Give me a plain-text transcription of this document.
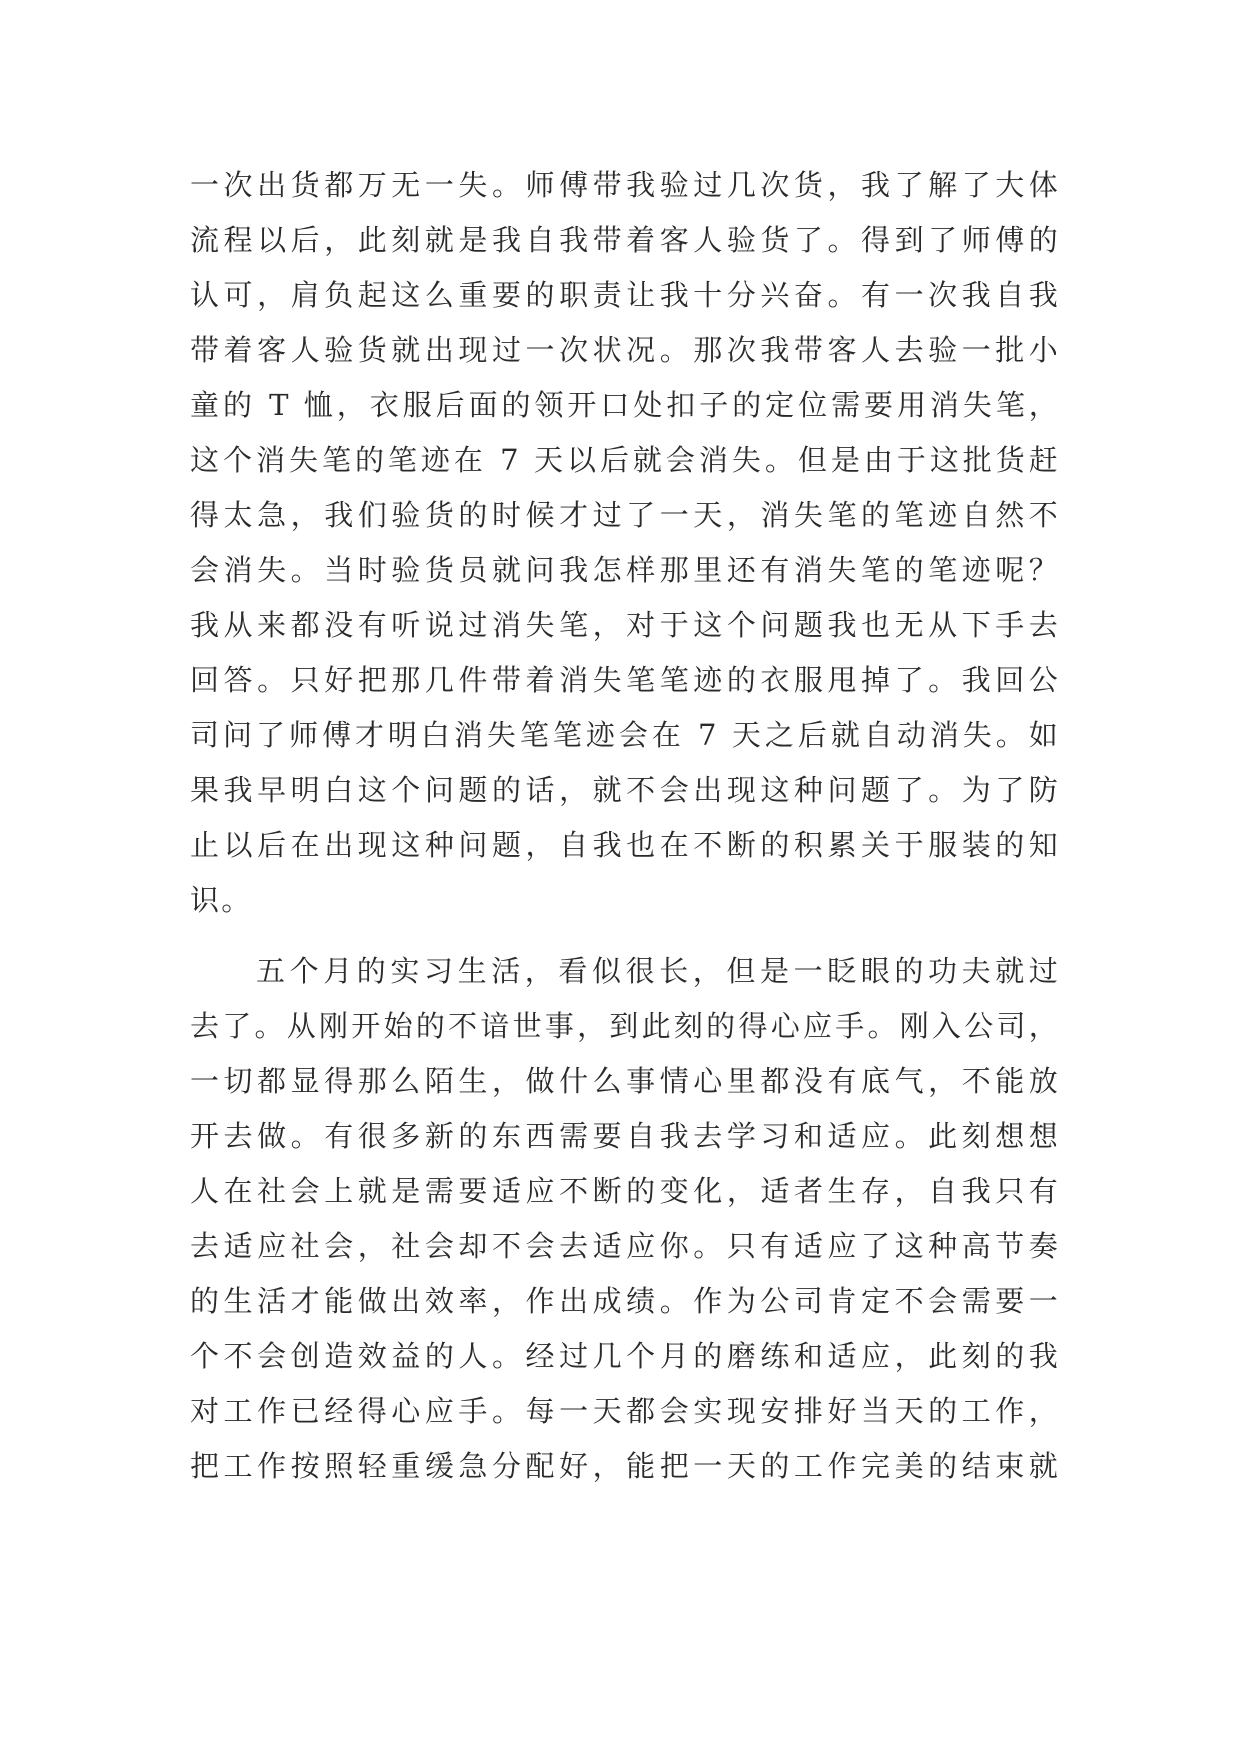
一次出货都万无一失。师傅带我验过几次货，我了解了大体
流程以后，此刻就是我自我带着客人验货了。得到了师傅的
认可，肩负起这么重要的职责让我十分兴奋。有一次我自我
带着客人验货就出现过一次状况。那次我带客人去验一批小
童的 T 恤，衣服后面的领开口处扣子的定位需要用消失笔，
这个消失笔的笔迹在 7 天以后就会消失。但是由于这批货赶
得太急，我们验货的时候才过了一天，消失笔的笔迹自然不
会消失。当时验货员就问我怎样那里还有消失笔的笔迹呢？
我从来都没有听说过消失笔，对于这个问题我也无从下手去
回答。只好把那几件带着消失笔笔迹的衣服甩掉了。我回公
司问了师傅才明白消失笔笔迹会在 7 天之后就自动消失。如
果我早明白这个问题的话，就不会出现这种问题了。为了防
止以后在出现这种问题，自我也在不断的积累关于服装的知
识。
五个月的实习生活，看似很长，但是一眨眼的功夫就过
去了。从刚开始的不谙世事，到此刻的得心应手。刚入公司，
一切都显得那么陌生，做什么事情心里都没有底气，不能放
开去做。有很多新的东西需要自我去学习和适应。此刻想想
人在社会上就是需要适应不断的变化，适者生存，自我只有
去适应社会，社会却不会去适应你。只有适应了这种高节奏
的生活才能做出效率，作出成绩。作为公司肯定不会需要一
个不会创造效益的人。经过几个月的磨练和适应，此刻的我
对工作已经得心应手。每一天都会实现安排好当天的工作，
把工作按照轻重缓急分配好，能把一天的工作完美的结束就
